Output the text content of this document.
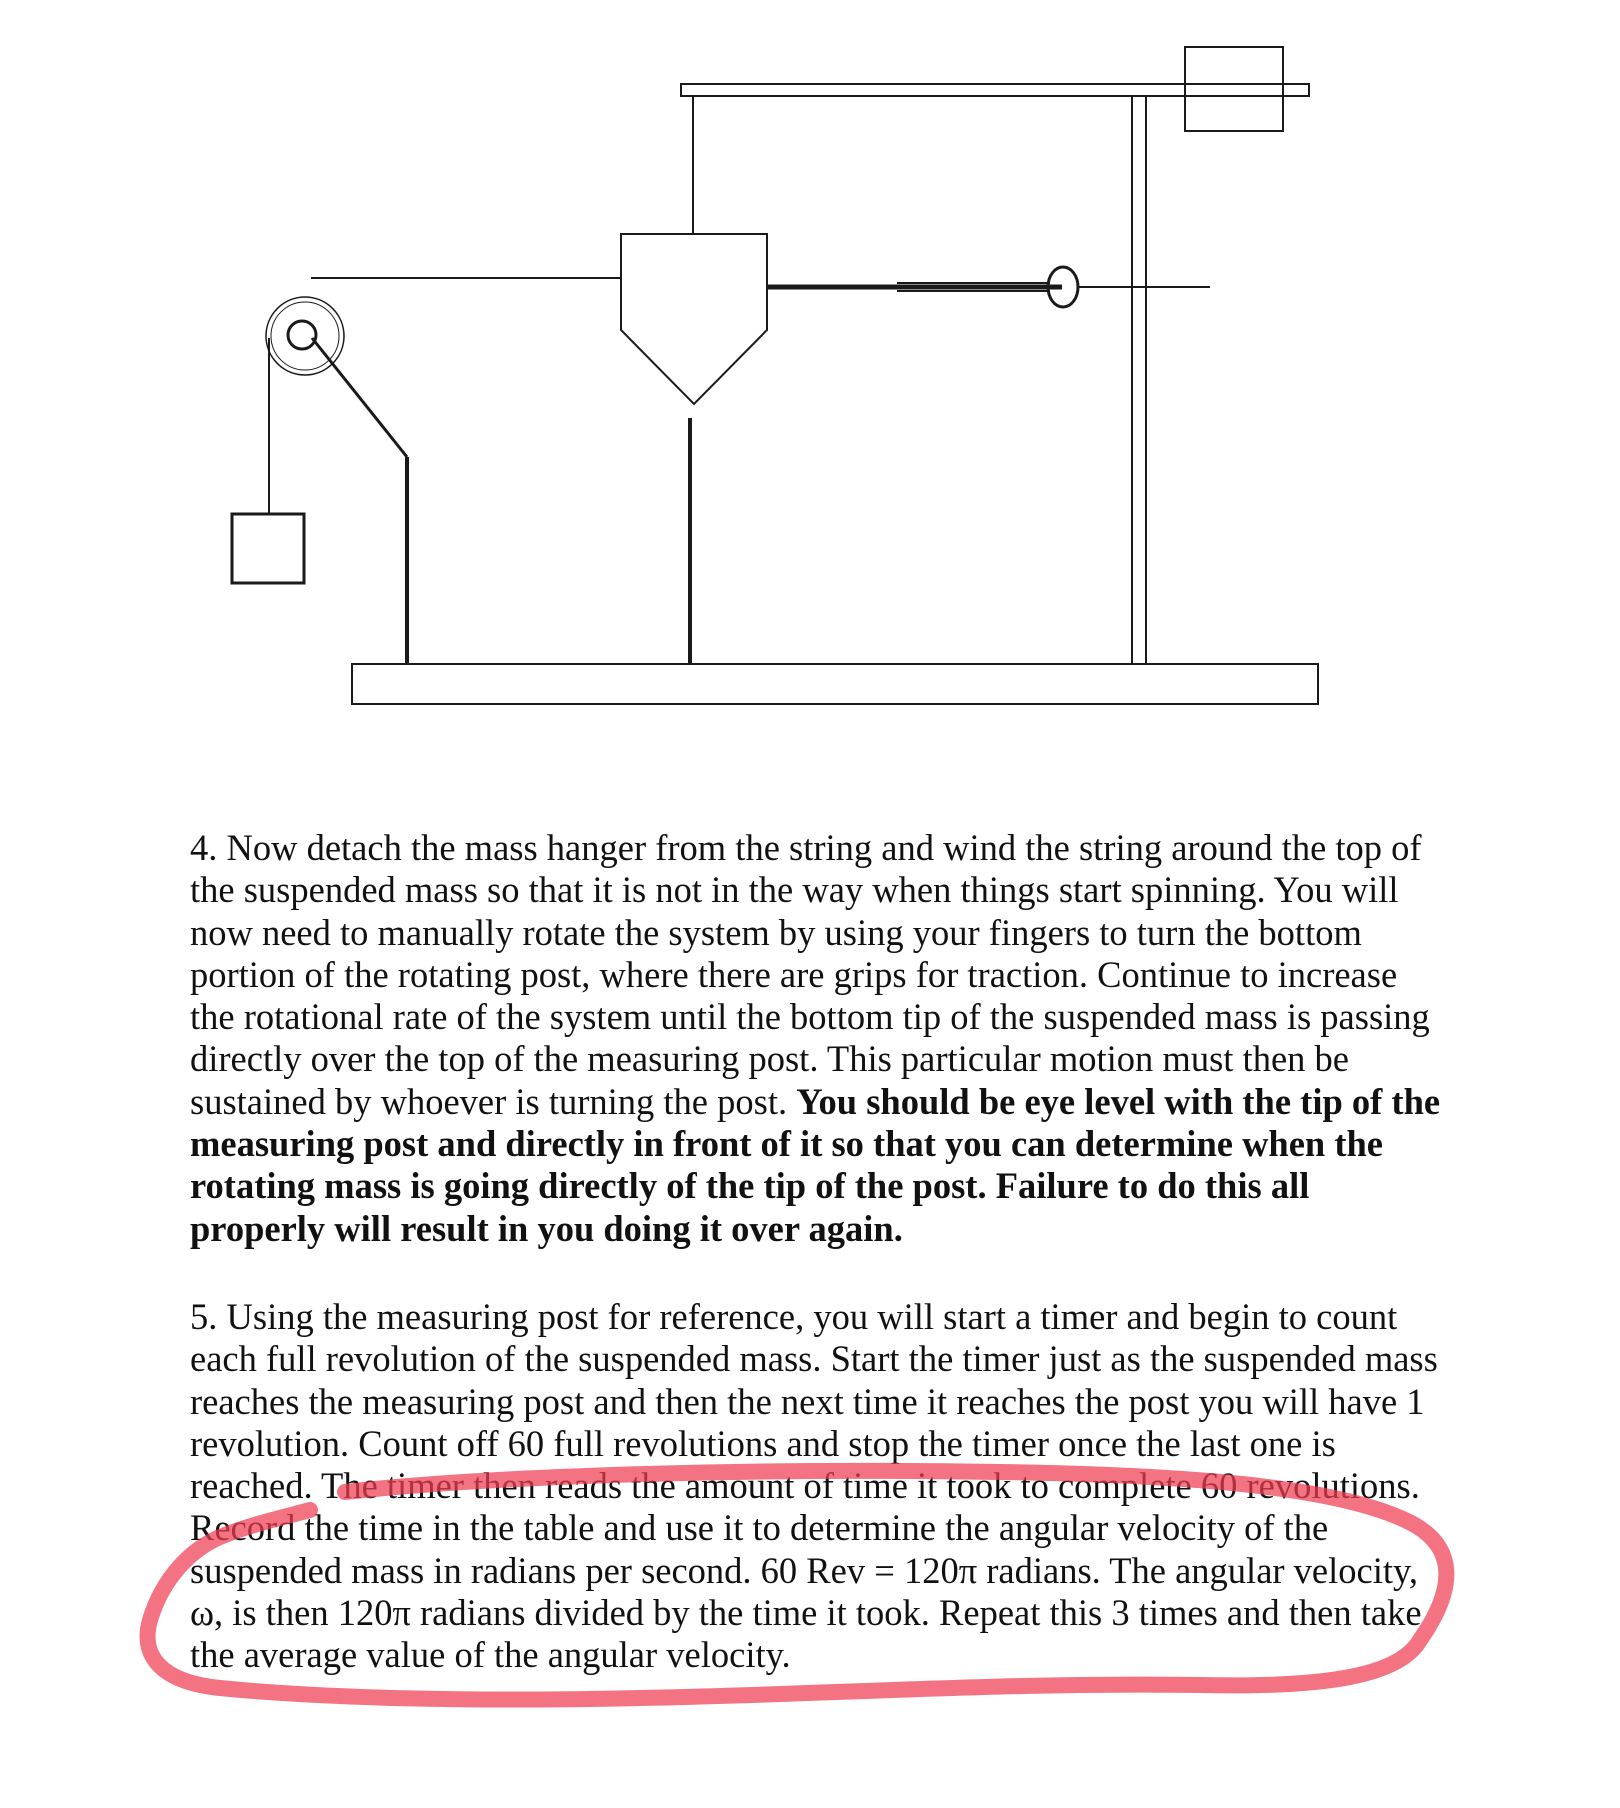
4. Now detach the mass hanger from the string and wind the string around the top of the suspended mass so that it is not in the way when things start spinning. You will now need to manually rotate the system by using your fingers to turn the bottom portion of the rotating post, where there are grips for traction. Continue to increase the rotational rate of the system until the bottom tip of the suspended mass is passing directly over the top of the measuring post. This particular motion must then be sustained by whoever is turning the post. You should be eye level with the tip of the measuring post and directly in front of it so that you can determine when the rotating mass is going directly of the tip of the post. Failure to do this all properly will result in you doing it over again.

5. Using the measuring post for reference, you will start a timer and begin to count each full revolution of the suspended mass. Start the timer just as the suspended mass reaches the measuring post and then the next time it reaches the post you will have 1 revolution. Count off 60 full revolutions and stop the timer once the last one is reached. The timer then reads the amount of time it took to complete 60 revolutions. Record the time in the table and use it to determine the angular velocity of the suspended mass in radians per second. 60 Rev = 120π radians. The angular velocity, ω, is then 120π radians divided by the time it took. Repeat this 3 times and then take the average value of the angular velocity.
